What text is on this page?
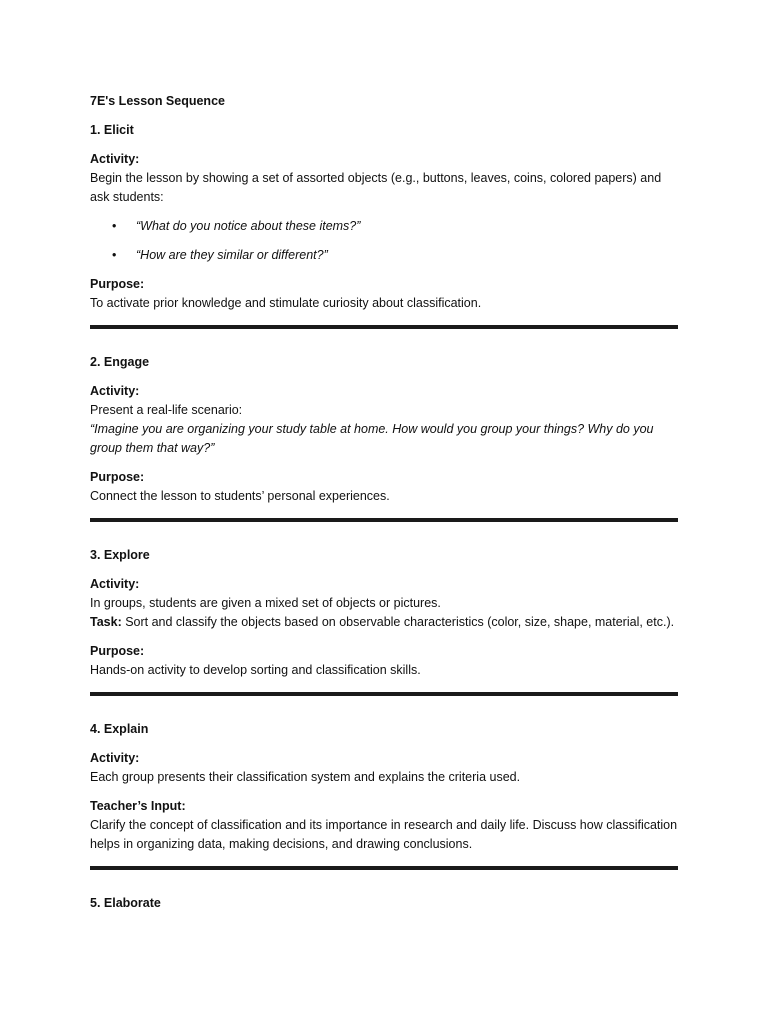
7E's Lesson Sequence
1. Elicit
Activity:
Begin the lesson by showing a set of assorted objects (e.g., buttons, leaves, coins, colored papers) and ask students:
• “What do you notice about these items?”
• “How are they similar or different?”
Purpose:
To activate prior knowledge and stimulate curiosity about classification.
2. Engage
Activity:
Present a real-life scenario:
“Imagine you are organizing your study table at home. How would you group your things? Why do you group them that way?”
Purpose:
Connect the lesson to students’ personal experiences.
3. Explore
Activity:
In groups, students are given a mixed set of objects or pictures.
Task: Sort and classify the objects based on observable characteristics (color, size, shape, material, etc.).
Purpose:
Hands-on activity to develop sorting and classification skills.
4. Explain
Activity:
Each group presents their classification system and explains the criteria used.
Teacher’s Input:
Clarify the concept of classification and its importance in research and daily life. Discuss how classification helps in organizing data, making decisions, and drawing conclusions.
5. Elaborate
